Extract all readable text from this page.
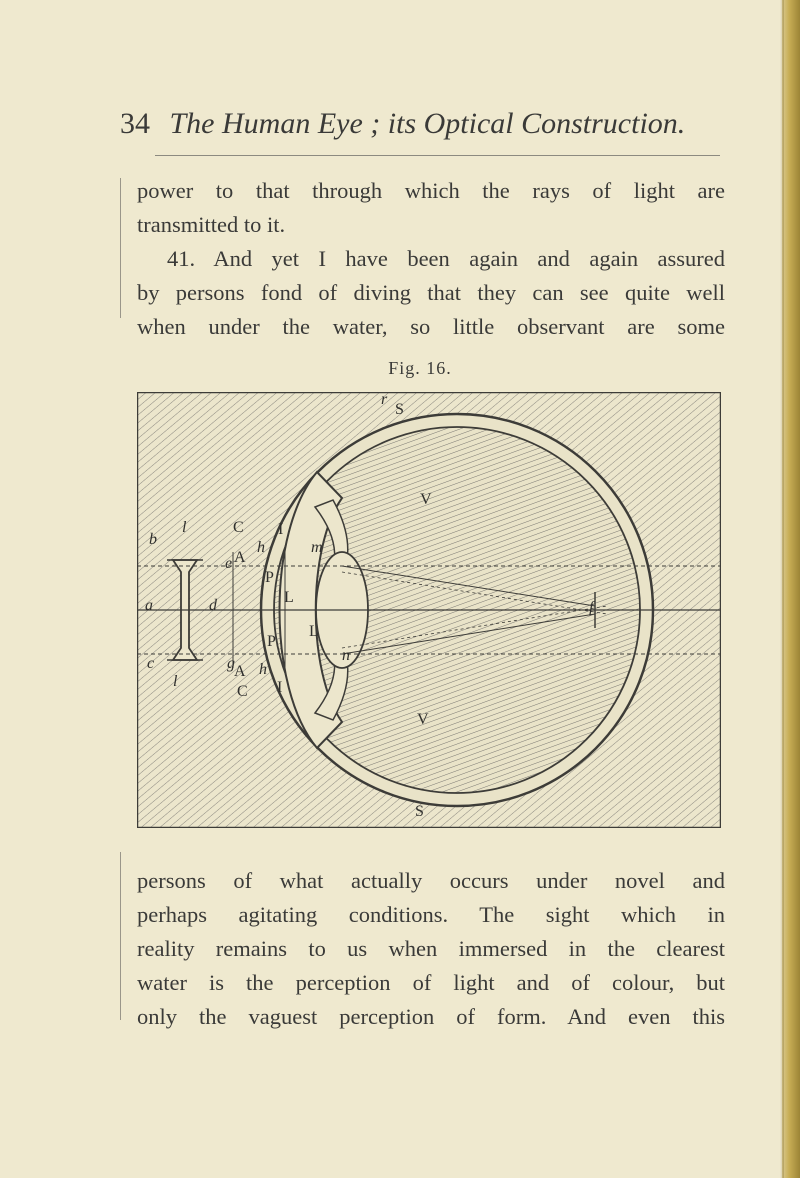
34 The Human Eye ; its Optical Construction.
power to that through which the rays of light are
transmitted to it.
41. And yet I have been again and again assured
by persons fond of diving that they can see quite well
when under the water, so little observant are some
Fig. 16.
S
S
V
V
L
L
I
I
A
A
C
C
P
P
h
h
m
n
l
l
b
a	d
e
c	g
f
r
persons of what actually occurs under novel and
perhaps agitating conditions. The sight which in
reality remains to us when immersed in the clearest
water is the perception of light and of colour, but
only the vaguest perception of form. And even this
